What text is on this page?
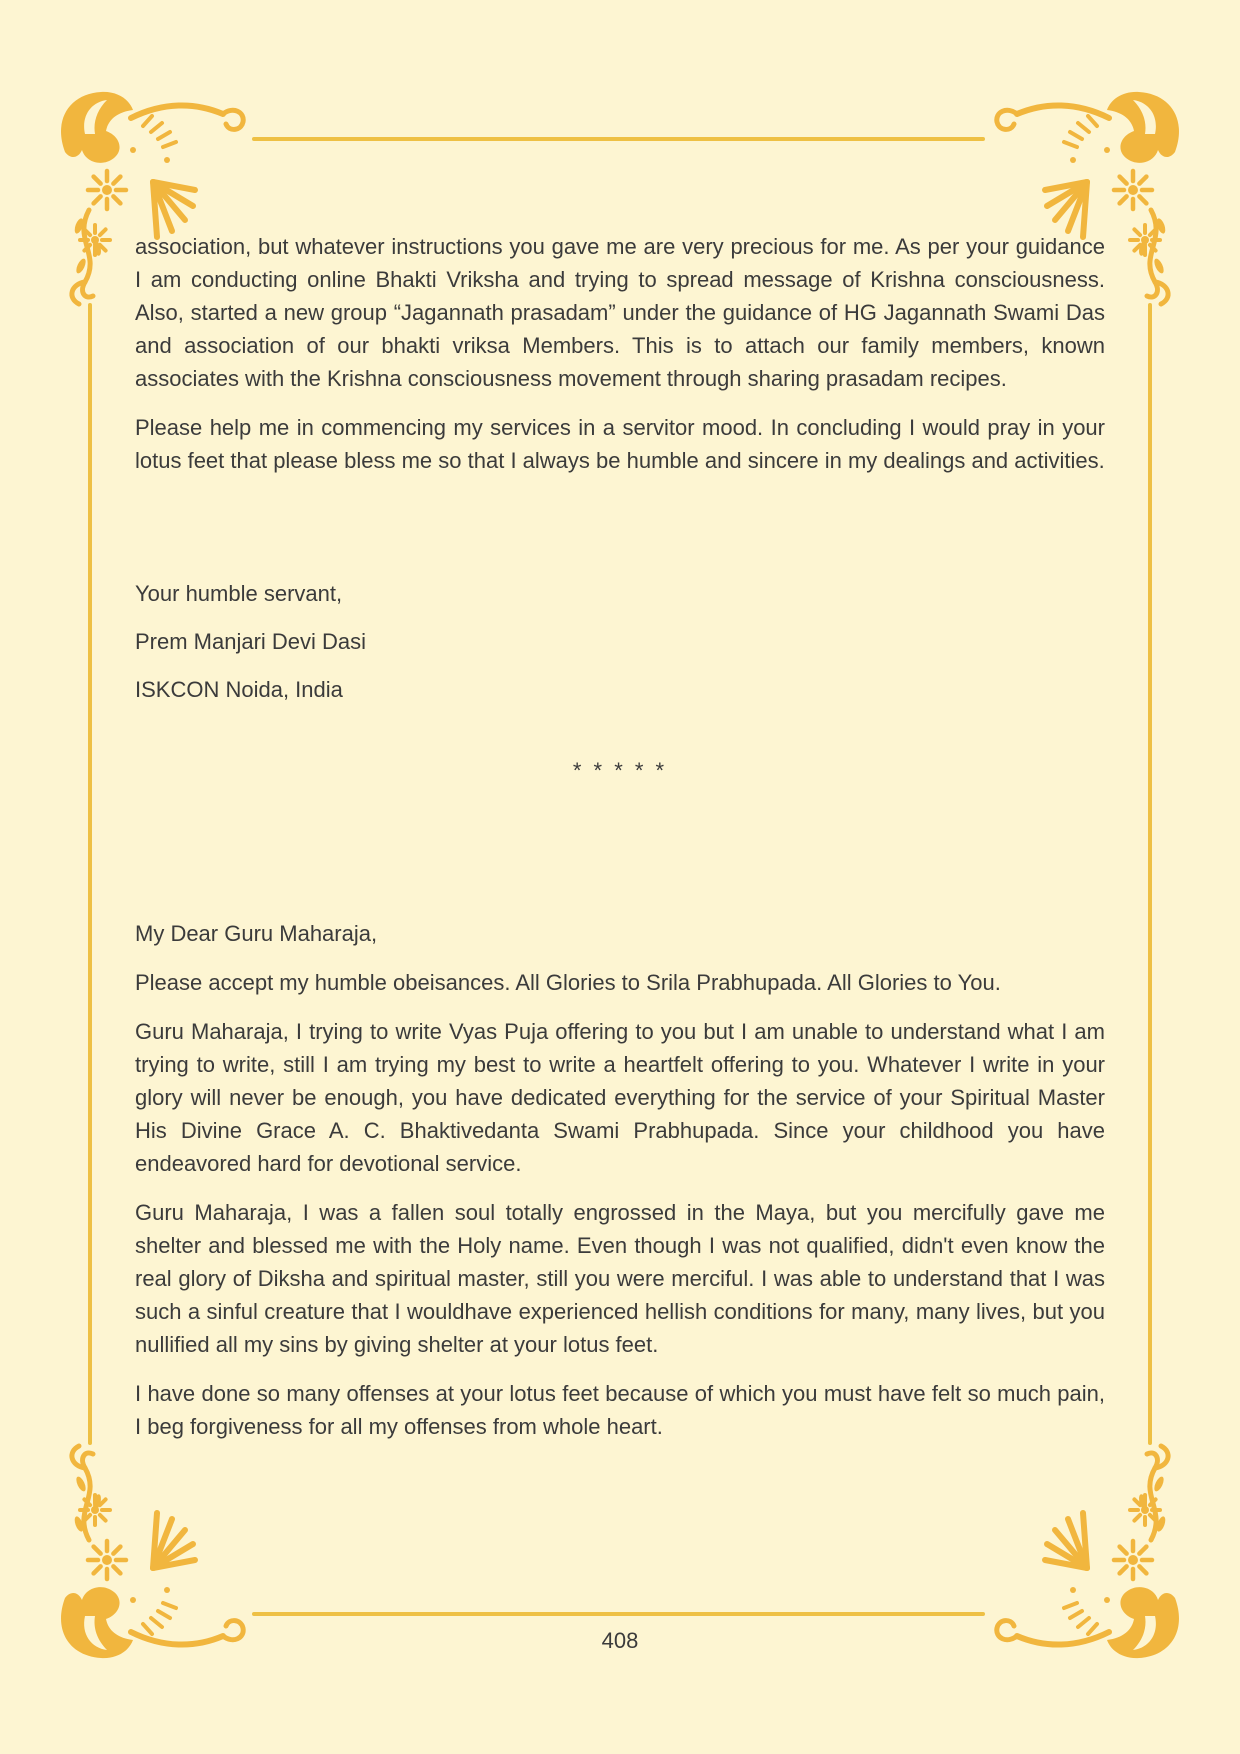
association, but whatever instructions you gave me are very precious for me. As per your guidance I am conducting online Bhakti Vriksha and trying to spread message of Krishna consciousness. Also, started a new group “Jagannath prasadam” under the guidance of HG Jagannath Swami Das and association of our bhakti vriksa Members. This is to attach our family members, known associates with the Krishna consciousness movement through sharing prasadam recipes.

Please help me in commencing my services in a servitor mood. In concluding I would pray in your lotus feet that please bless me so that I always be humble and sincere in my dealings and activities.

Your humble servant,

Prem Manjari Devi Dasi

ISKCON Noida, India

* * * * *

My Dear Guru Maharaja,

Please accept my humble obeisances. All Glories to Srila Prabhupada. All Glories to You.

Guru Maharaja, I trying to write Vyas Puja offering to you but I am unable to understand what I am trying to write, still I am trying my best to write a heartfelt offering to you. Whatever I write in your glory will never be enough, you have dedicated everything for the service of your Spiritual Master His Divine Grace A. C. Bhaktivedanta Swami Prabhupada. Since your childhood you have endeavored hard for devotional service.

Guru Maharaja, I was a fallen soul totally engrossed in the Maya, but you mercifully gave me shelter and blessed me with the Holy name. Even though I was not qualified, didn't even know the real glory of Diksha and spiritual master, still you were merciful. I was able to understand that I was such a sinful creature that I wouldhave experienced hellish conditions for many, many lives, but you nullified all my sins by giving shelter at your lotus feet.

I have done so many offenses at your lotus feet because of which you must have felt so much pain, I beg forgiveness for all my offenses from whole heart.

408
